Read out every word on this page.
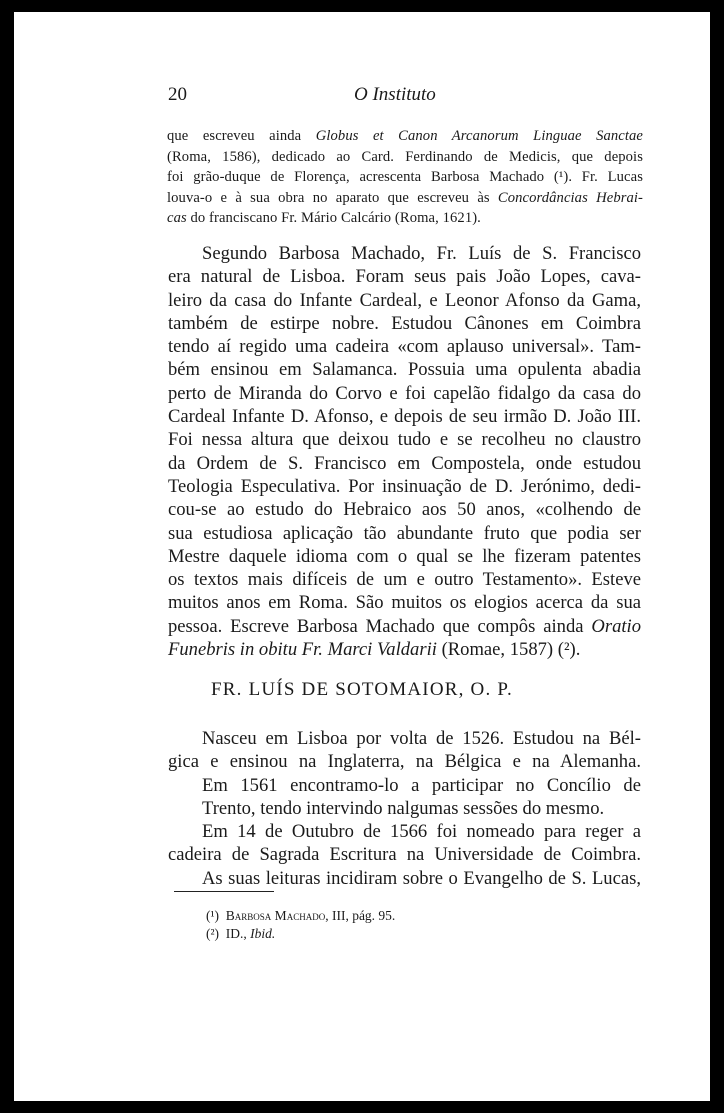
20	O Instituto
que escreveu ainda Globus et Canon Arcanorum Linguae Sanctae
(Roma, 1586), dedicado ao Card. Ferdinando de Medicis, que depois
foi grão-duque de Florença, acrescenta Barbosa Machado (¹). Fr. Lucas
louva-o e à sua obra no aparato que escreveu às Concordâncias Hebrai-
cas do franciscano Fr. Mário Calcário (Roma, 1621).
Segundo Barbosa Machado, Fr. Luís de S. Francisco
era natural de Lisboa. Foram seus pais João Lopes, cava-
leiro da casa do Infante Cardeal, e Leonor Afonso da Gama,
também de estirpe nobre. Estudou Cânones em Coimbra
tendo aí regido uma cadeira «com aplauso universal». Tam-
bém ensinou em Salamanca. Possuia uma opulenta abadia
perto de Miranda do Corvo e foi capelão fidalgo da casa do
Cardeal Infante D. Afonso, e depois de seu irmão D. João III.
Foi nessa altura que deixou tudo e se recolheu no claustro
da Ordem de S. Francisco em Compostela, onde estudou
Teologia Especulativa. Por insinuação de D. Jerónimo, dedi-
cou-se ao estudo do Hebraico aos 50 anos, «colhendo de
sua estudiosa aplicação tão abundante fruto que podia ser
Mestre daquele idioma com o qual se lhe fizeram patentes
os textos mais difíceis de um e outro Testamento». Esteve
muitos anos em Roma. São muitos os elogios acerca da sua
pessoa. Escreve Barbosa Machado que compôs ainda Oratio
Funebris in obitu Fr. Marci Valdarii (Romae, 1587) (²).
FR. LUÍS DE SOTOMAIOR, O. P.
Nasceu em Lisboa por volta de 1526. Estudou na Bél-
gica e ensinou na Inglaterra, na Bélgica e na Alemanha.
Em 1561 encontramo-lo a participar no Concílio de
Trento, tendo intervindo nalgumas sessões do mesmo.
Em 14 de Outubro de 1566 foi nomeado para reger a
cadeira de Sagrada Escritura na Universidade de Coimbra.
As suas leituras incidiram sobre o Evangelho de S. Lucas,
(¹) Barbosa Machado, III, pág. 95.
(²) ID., Ibid.
